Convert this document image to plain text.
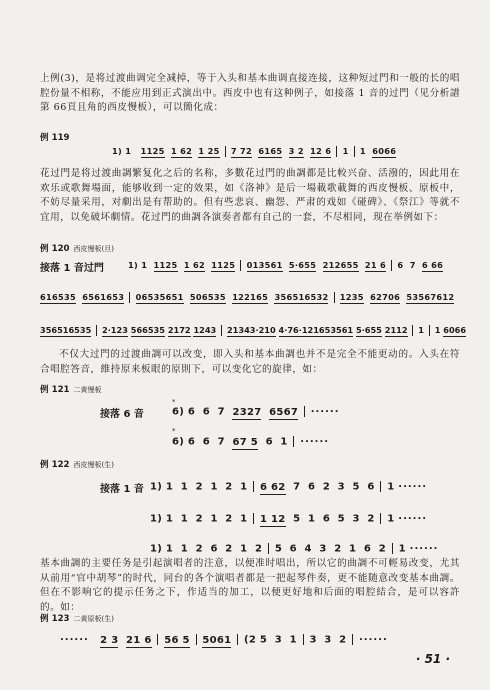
上例(3)，是将过渡曲调完全减掉，等于入头和基本曲调直接连接，这种短过門和一般的长的唱腔份量不相称，不能应用到正式演出中。西皮中也有这种例子，如接落 1 音的过門（见分析譜第 66頁且角的西皮慢板），可以簡化成：
例 119
1) 1 1125 1 62 1 25 7 72 6165 3 2 12 6 1 1 6066
花过門是将过渡曲調繁复化之后的名称，多數花过門的曲調都是比較兴奋、活潑的，因此用在欢乐或歌舞場面，能够收到一定的效果，如《洛神》是后一場載歌載舞的西皮慢板、原板中，不妨尽量采用，对劇出是有帮助的。但有些悲哀、幽怨、严肃的戏如《碰碑》、《祭江》等就不宜用，以免破坏劇情。花过門的曲調各演奏者都有自己的一套，不尽相同，现在举例如下：
例 120 西皮慢板(旦)
接落 1 音过門	1) 1 1125 1 62 1125 013561 5·655 212655 21 6 6 7 6 66
616535 6561653 06535651 506535 122165 356516532 1235 62706 53567612
356516535 2·123 566535 2172 1243 21343·210 4·76·121653561 5·655 2112 1 1 6066
不仅大过門的过渡曲調可以改变，即入头和基本曲調也并不是完全不能更动的。入头在符合唱腔答音，維持原来板眼的原則下，可以变化它的旋律，如：
例 121 二黄慢板
接落 6 音
*
6) 6 6 7 2327 6567 ······
*
6) 6 6 7 67 5 6 1 ······
例 122 西皮慢板(生)
接落 1 音 1) 1 1 2 1 2 1 6 62 7 6 2 3 5 6 1 ······
1) 1 1 2 1 2 1 1 12 5 1 6 5 3 2 1 ······
1) 1 1 2 6 2 1 2 5 6 4 3 2 1 6 2 1 ······
基本曲調的主要任务是引起演唱者的注意，以便准时唱出，所以它的曲調不可輕易改变，尤其从前用“官中胡琴”的时代，同台的各个演唱者都是一把起琴件奏，更不能随意改变基本曲調。但在不影响它的提示任务之下，作适当的加工，以便更好地和后面的唱腔結合，是可以容許的。如：
例 123 二黄原板(生)
······ 2 3 21 6 56 5 5061 (2 5 3 1 3 3 2 ······
· 51 ·
